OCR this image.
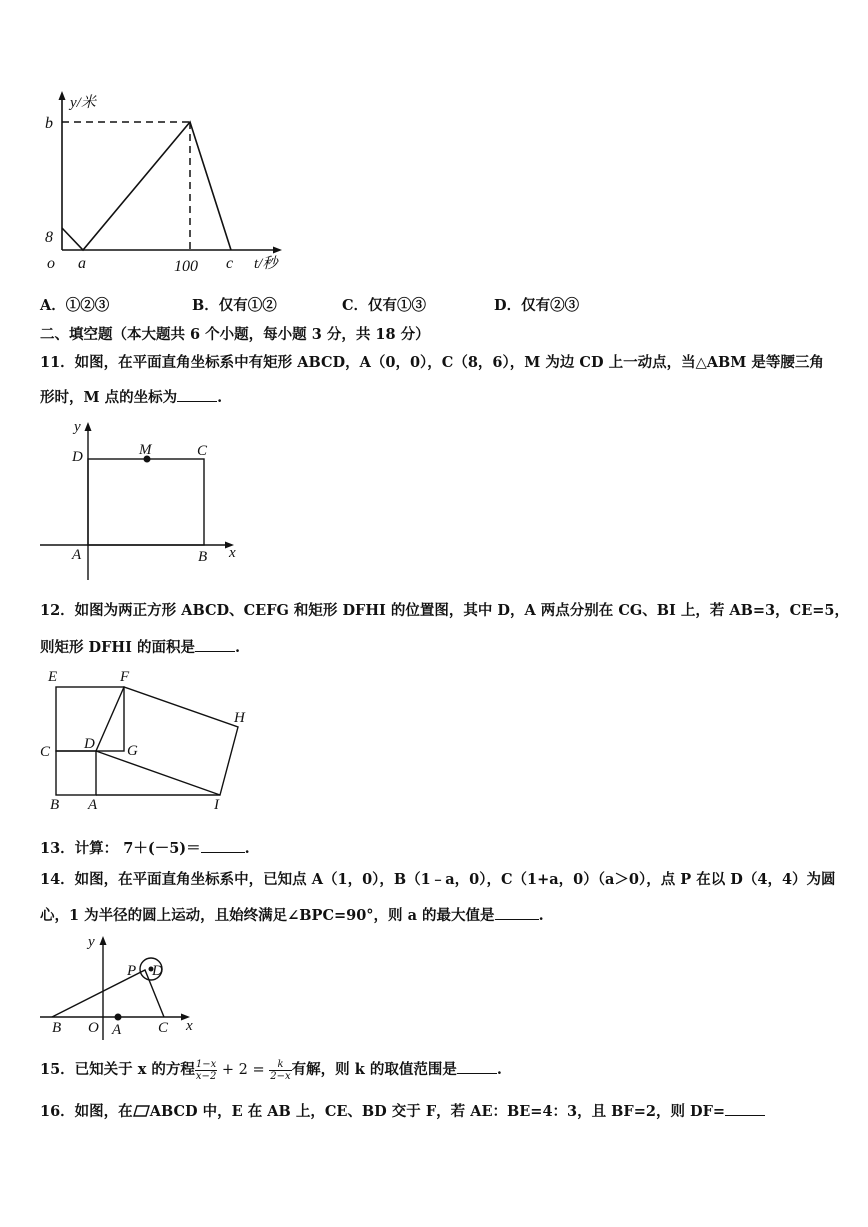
y/米
b
8
o a	100 c t/秒
A．①②③	B．仅有①②	C．仅有①③	D．仅有②③
二、填空题（本大题共 6 个小题，每小题 3 分，共 18 分）
11．如图，在平面直角坐标系中有矩形 ABCD，A（0，0），C（8，6），M 为边 CD 上一动点，当△ABM 是等腰三角
形时，M 点的坐标为	.
y
D	M	C
A	B x
12．如图为两正方形 ABCD、CEFG 和矩形 DFHI 的位置图，其中 D，A 两点分别在 CG、BI 上，若 AB=3，CE=5，
则矩形 DFHI 的面积是	.
E	F
H
C D G
B A	I
13．计算： 7＋(－5)＝	.
14．如图，在平面直角坐标系中，已知点 A（1，0），B（1﹣a，0），C（1+a，0）（a＞0），点 P 在以 D（4，4）为圆
心，1 为半径的圆上运动，且始终满足∠BPC=90°，则 a 的最大值是	.
y
P D
B O A C x
15．已知关于 x 的方程 $\frac{1-x}{x-2} + 2 = \frac{k}{2-x}$ 有解，则 k 的取值范围是	.
16．如图，在 ABCD 中，E 在 AB 上，CE、BD 交于 F，若 AE：BE=4：3，且 BF=2，则 DF=
